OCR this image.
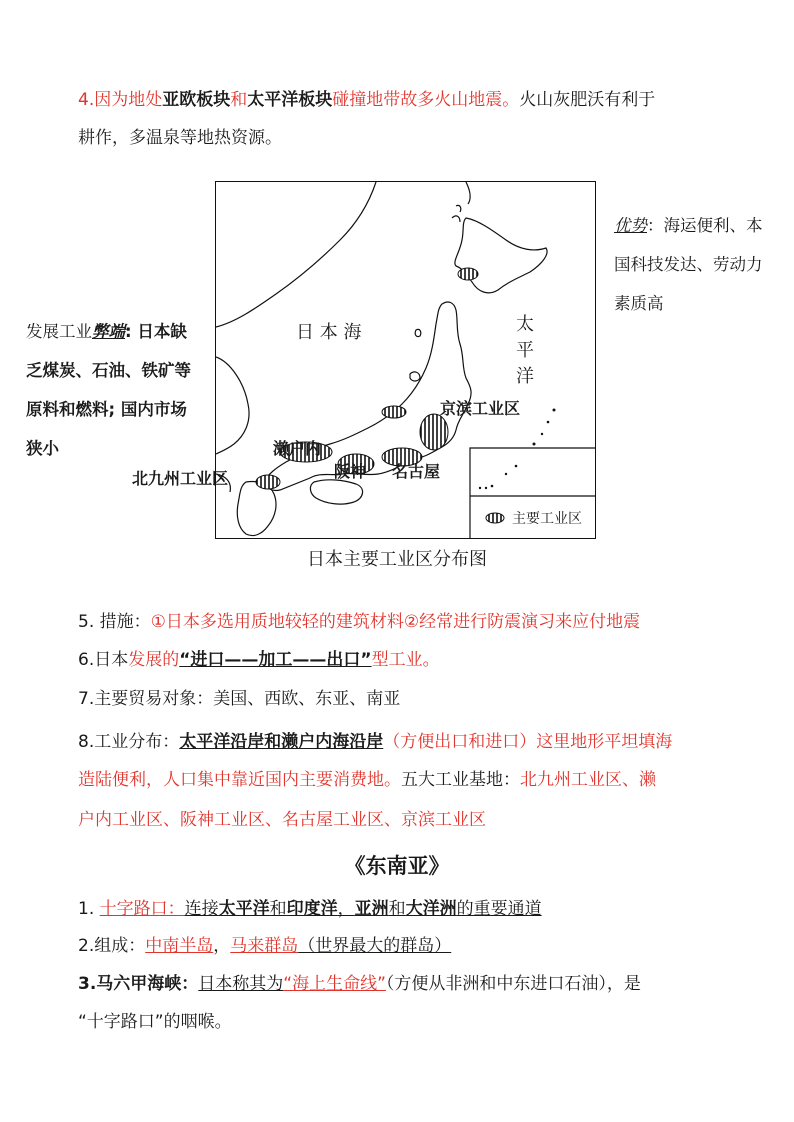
4.因为地处亚欧板块和太平洋板块碰撞地带故多火山地震。火山灰肥沃有利于
耕作，多温泉等地热资源。
发展工业弊端: 日本缺
乏煤炭、石油、铁矿等
原料和燃料; 国内市场
狭小
优势：海运便利、本
国科技发达、劳动力
素质高
日 本 海	太
平
洋
京滨工业区
濑户内
阪神 名古屋
主要工业区
北九州工业区
日本主要工业区分布图
5. 措施：①日本多选用质地较轻的建筑材料②经常进行防震演习来应付地震
6.日本发展的“进口——加工——出口”型工业。
7.主要贸易对象：美国、西欧、东亚、南亚
8.工业分布：太平洋沿岸和濑户内海沿岸（方便出口和进口）这里地形平坦填海
造陆便利，人口集中靠近国内主要消费地。五大工业基地：北九州工业区、濑
户内工业区、阪神工业区、名古屋工业区、京滨工业区
《东南亚》
1. 十字路口：连接太平洋和印度洋，亚洲和大洋洲的重要通道
2.组成：中南半岛，马来群岛（世界最大的群岛）
3.马六甲海峡：日本称其为“海上生命线”（方便从非洲和中东进口石油），是
“十字路口”的咽喉。
